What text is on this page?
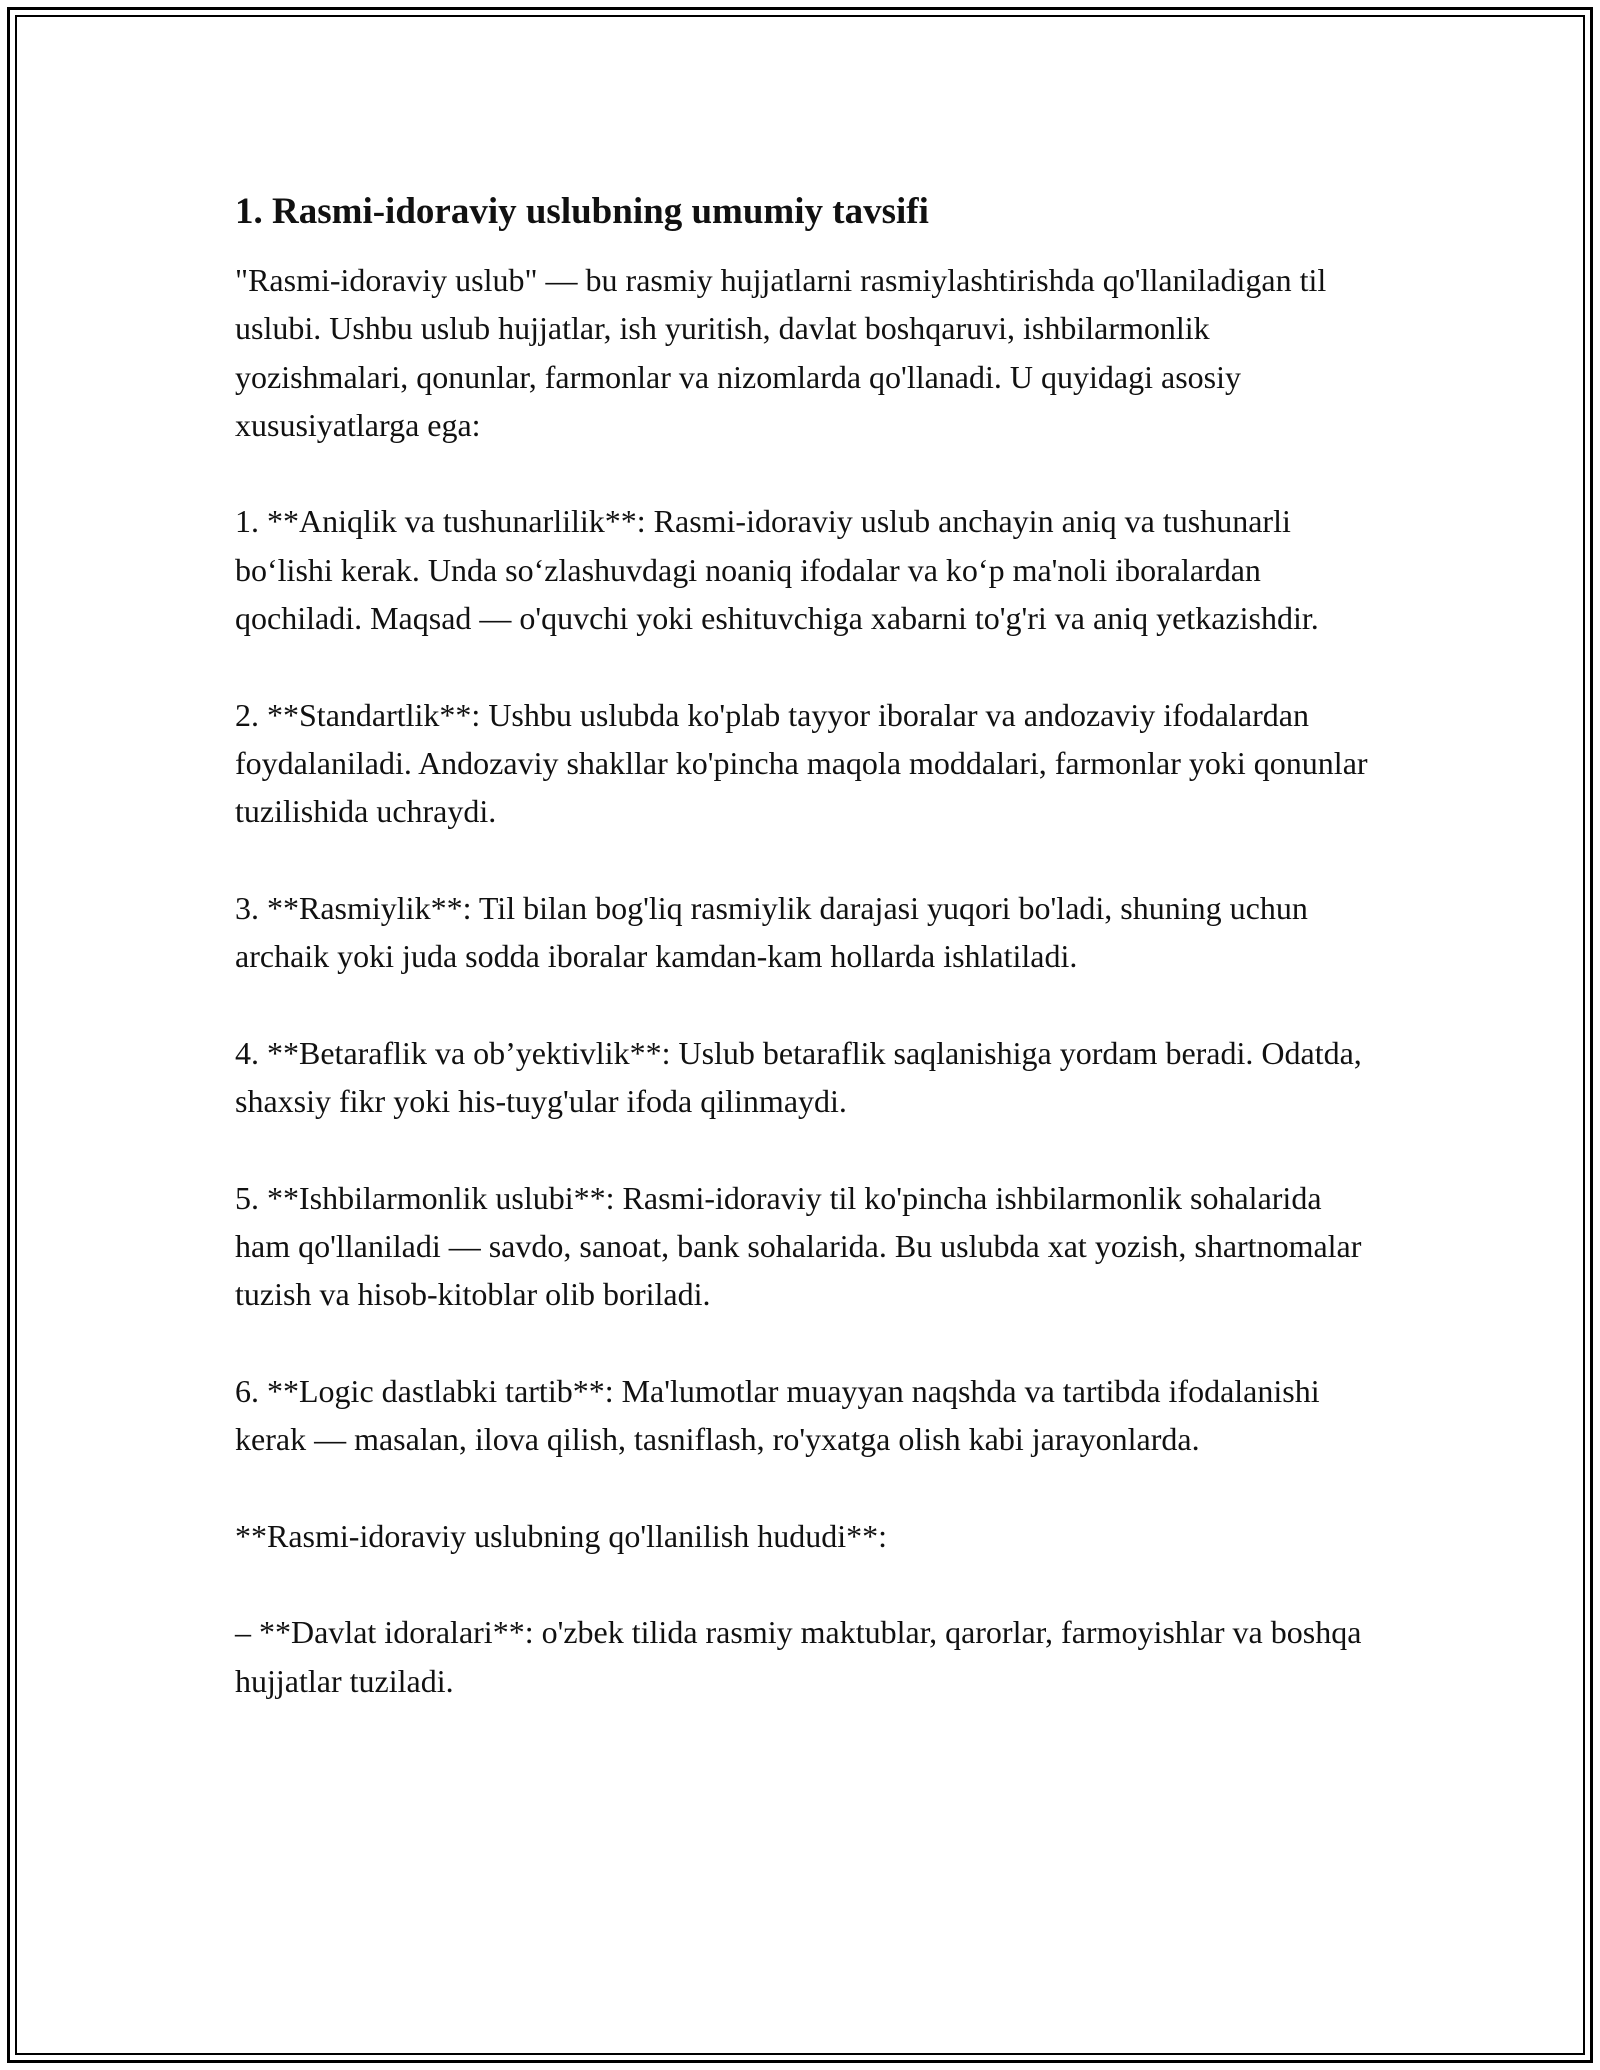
1. Rasmi-idoraviy uslubning umumiy tavsifi

"Rasmi-idoraviy uslub" — bu rasmiy hujjatlarni rasmiylashtirishda qo'llaniladigan til uslubi. Ushbu uslub hujjatlar, ish yuritish, davlat boshqaruvi, ishbilarmonlik yozishmalari, qonunlar, farmonlar va nizomlarda qo'llanadi. U quyidagi asosiy xususiyatlarga ega:

1. **Aniqlik va tushunarlilik**: Rasmi-idoraviy uslub anchayin aniq va tushunarli boʻlishi kerak. Unda soʻzlashuvdagi noaniq ifodalar va koʻp ma'noli iboralardan qochiladi. Maqsad — o'quvchi yoki eshituvchiga xabarni to'g'ri va aniq yetkazishdir.

2. **Standartlik**: Ushbu uslubda ko'plab tayyor iboralar va andozaviy ifodalardan foydalaniladi. Andozaviy shakllar ko'pincha maqola moddalari, farmonlar yoki qonunlar tuzilishida uchraydi.

3. **Rasmiylik**: Til bilan bog'liq rasmiylik darajasi yuqori bo'ladi, shuning uchun archaik yoki juda sodda iboralar kamdan-kam hollarda ishlatiladi.

4. **Betaraflik va ob’yektivlik**: Uslub betaraflik saqlanishiga yordam beradi. Odatda, shaxsiy fikr yoki his-tuyg'ular ifoda qilinmaydi.

5. **Ishbilarmonlik uslubi**: Rasmi-idoraviy til ko'pincha ishbilarmonlik sohalarida ham qo'llaniladi — savdo, sanoat, bank sohalarida. Bu uslubda xat yozish, shartnomalar tuzish va hisob-kitoblar olib boriladi.

6. **Logic dastlabki tartib**: Ma'lumotlar muayyan naqshda va tartibda ifodalanishi kerak — masalan, ilova qilish, tasniflash, ro'yxatga olish kabi jarayonlarda.

**Rasmi-idoraviy uslubning qo'llanilish hududi**:

– **Davlat idoralari**: o'zbek tilida rasmiy maktublar, qarorlar, farmoyishlar va boshqa hujjatlar tuziladi.
